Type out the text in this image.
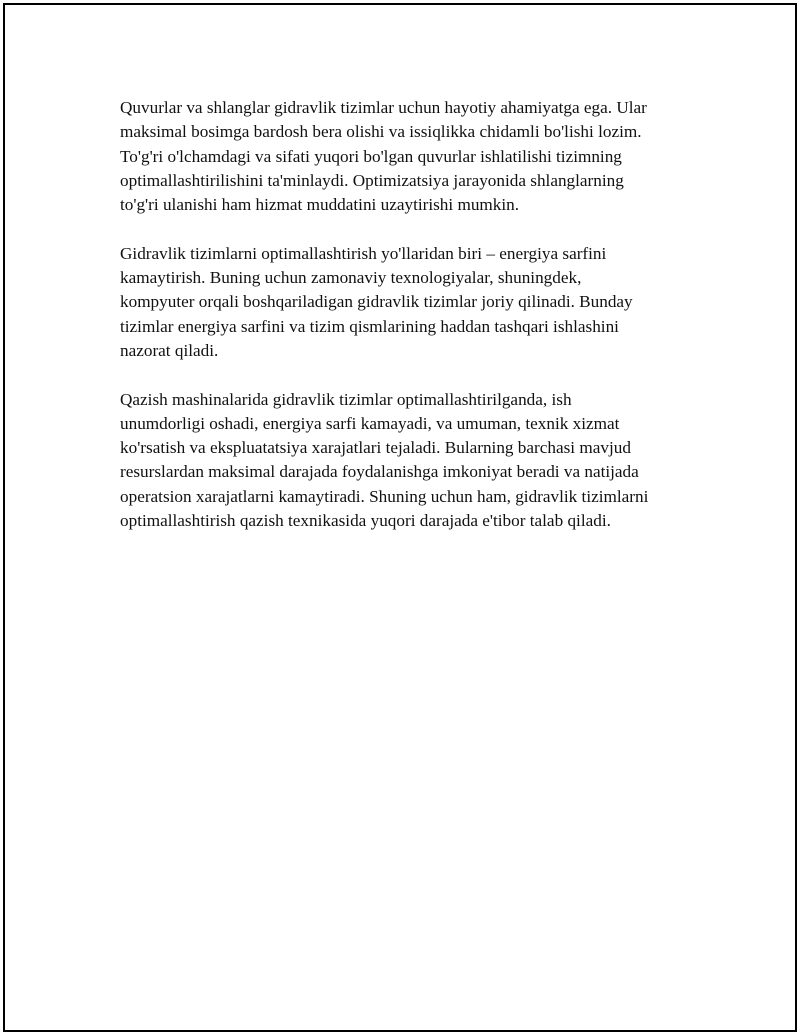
Quvurlar va shlanglar gidravlik tizimlar uchun hayotiy ahamiyatga ega. Ular
maksimal bosimga bardosh bera olishi va issiqlikka chidamli bo'lishi lozim.
To'g'ri o'lchamdagi va sifati yuqori bo'lgan quvurlar ishlatilishi tizimning
optimallashtirilishini ta'minlaydi. Optimizatsiya jarayonida shlanglarning
to'g'ri ulanishi ham hizmat muddatini uzaytirishi mumkin.

Gidravlik tizimlarni optimallashtirish yo'llaridan biri – energiya sarfini
kamaytirish. Buning uchun zamonaviy texnologiyalar, shuningdek,
kompyuter orqali boshqariladigan gidravlik tizimlar joriy qilinadi. Bunday
tizimlar energiya sarfini va tizim qismlarining haddan tashqari ishlashini
nazorat qiladi.

Qazish mashinalarida gidravlik tizimlar optimallashtirilganda, ish
unumdorligi oshadi, energiya sarfi kamayadi, va umuman, texnik xizmat
ko'rsatish va ekspluatatsiya xarajatlari tejaladi. Bularning barchasi mavjud
resurslardan maksimal darajada foydalanishga imkoniyat beradi va natijada
operatsion xarajatlarni kamaytiradi. Shuning uchun ham, gidravlik tizimlarni
optimallashtirish qazish texnikasida yuqori darajada e'tibor talab qiladi.
